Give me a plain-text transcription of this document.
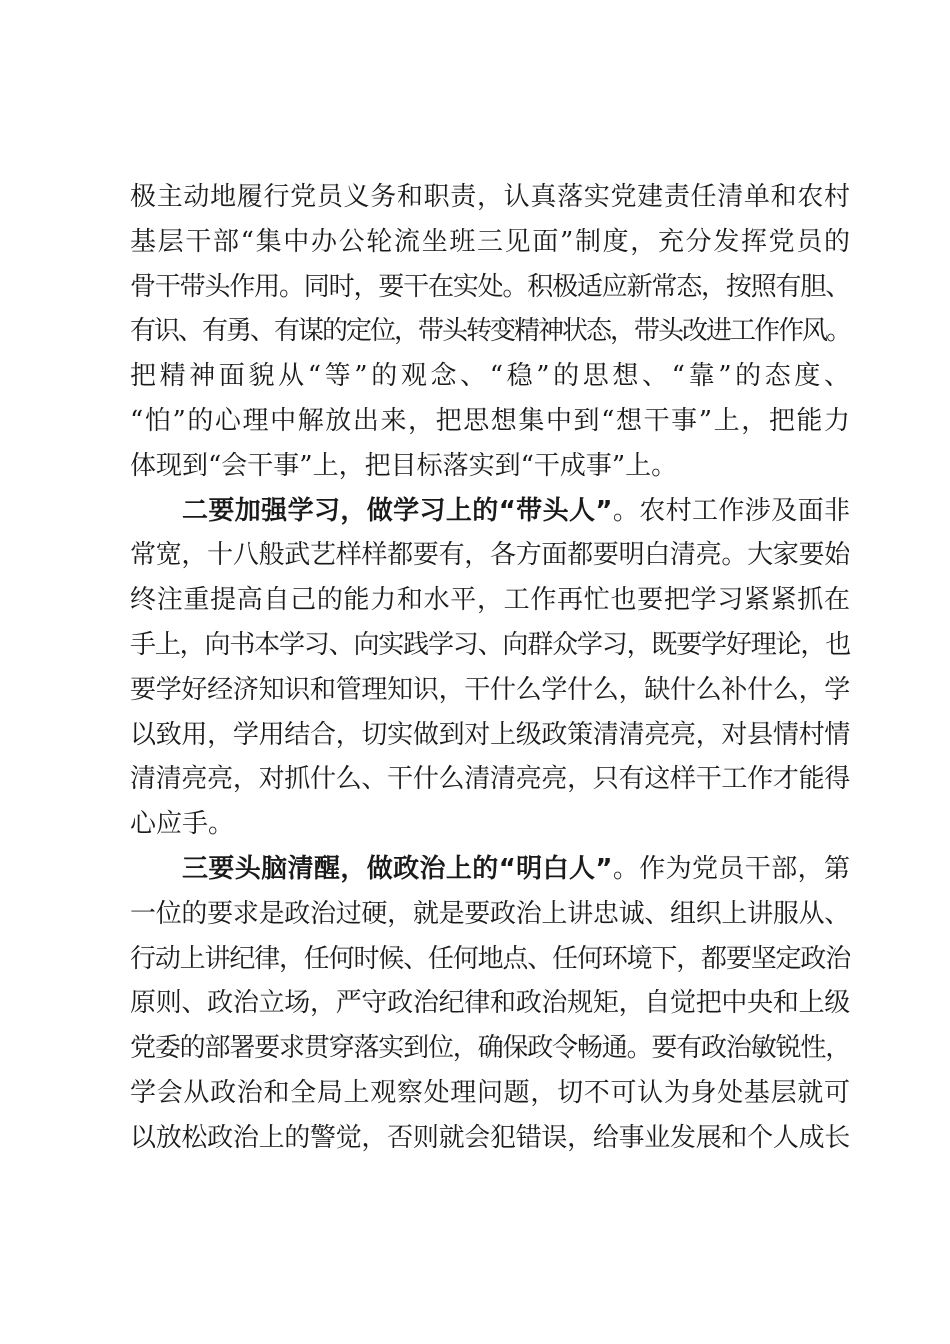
极主动地履行党员义务和职责，认真落实党建责任清单和农村
基层干部“集中办公轮流坐班三见面”制度，充分发挥党员的
骨干带头作用。同时，要干在实处。积极适应新常态，按照有胆、
有识、有勇、有谋的定位，带头转变精神状态，带头改进工作作风。
把精神面貌从“等”的观念、“稳”的思想、“靠”的态度、
“怕”的心理中解放出来，把思想集中到“想干事”上，把能力
体现到“会干事”上，把目标落实到“干成事”上。
二要加强学习，做学习上的“带头人”。农村工作涉及面非
常宽，十八般武艺样样都要有，各方面都要明白清亮。大家要始
终注重提高自己的能力和水平，工作再忙也要把学习紧紧抓在
手上，向书本学习、向实践学习、向群众学习，既要学好理论，也
要学好经济知识和管理知识，干什么学什么，缺什么补什么，学
以致用，学用结合，切实做到对上级政策清清亮亮，对县情村情
清清亮亮，对抓什么、干什么清清亮亮，只有这样干工作才能得
心应手。
三要头脑清醒，做政治上的“明白人”。作为党员干部，第
一位的要求是政治过硬，就是要政治上讲忠诚、组织上讲服从、
行动上讲纪律，任何时候、任何地点、任何环境下，都要坚定政治
原则、政治立场，严守政治纪律和政治规矩，自觉把中央和上级
党委的部署要求贯穿落实到位，确保政令畅通。要有政治敏锐性，
学会从政治和全局上观察处理问题，切不可认为身处基层就可
以放松政治上的警觉，否则就会犯错误，给事业发展和个人成长
